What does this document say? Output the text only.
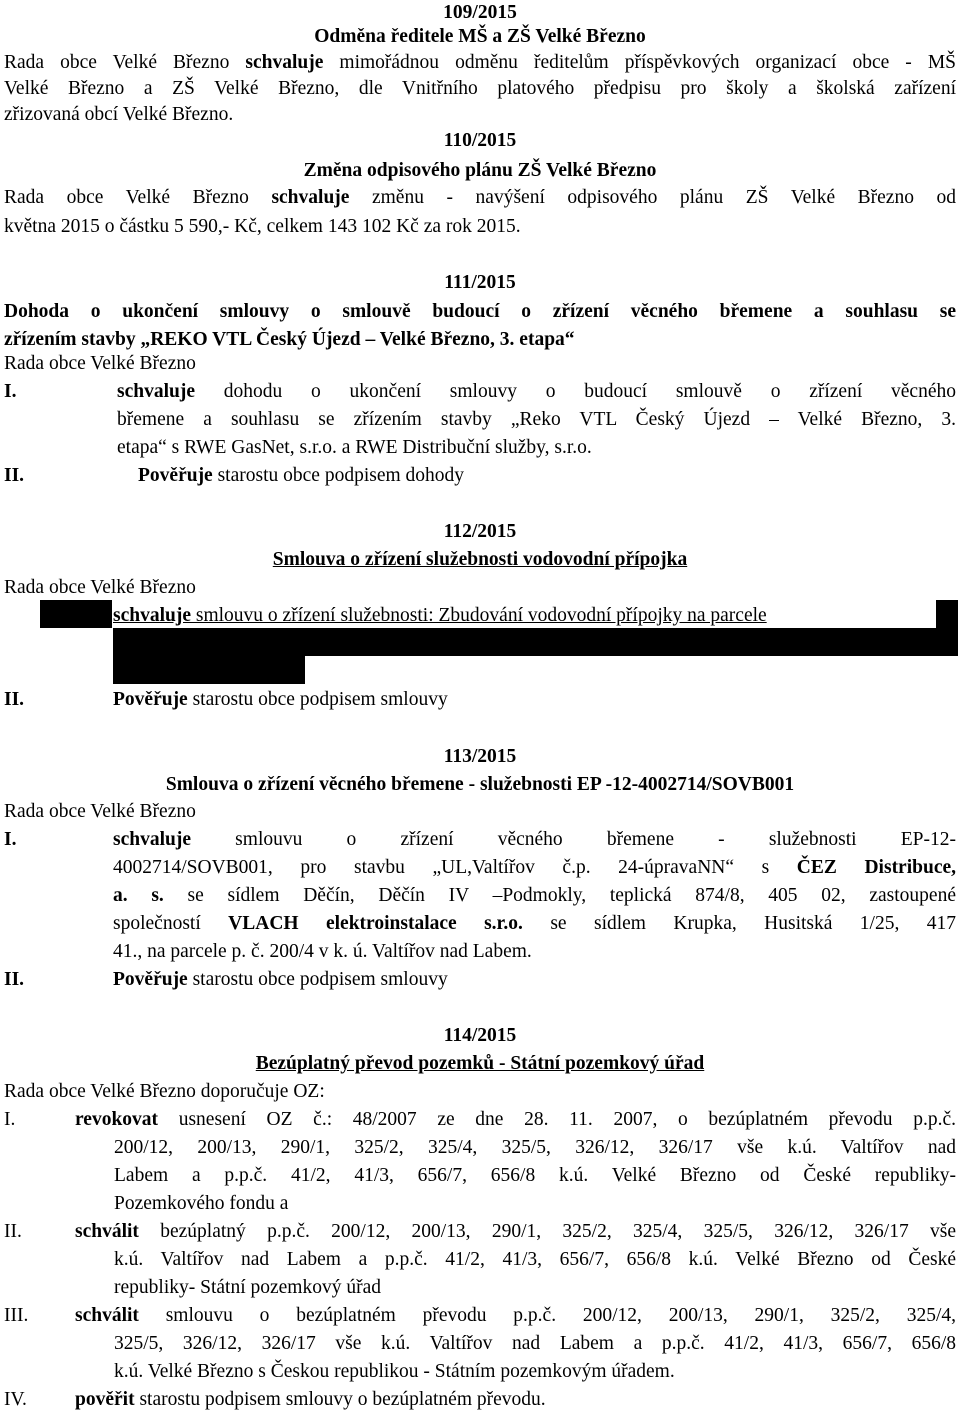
109/2015
Odměna ředitele MŠ a ZŠ Velké Březno
Rada obce Velké Březno schvaluje mimořádnou odměnu ředitelům příspěvkových organizací obce - MŠ
Velké Březno a ZŠ Velké Březno, dle Vnitřního platového předpisu pro školy a školská zařízení
zřizovaná obcí Velké Březno.
110/2015
Změna odpisového plánu ZŠ Velké Březno
Rada obce Velké Březno schvaluje změnu - navýšení odpisového plánu ZŠ Velké Březno od
května 2015 o částku 5 590,- Kč, celkem 143 102 Kč za rok 2015.
111/2015
Dohoda o ukončení smlouvy o smlouvě budoucí o zřízení věcného břemene a souhlasu se
zřízením stavby „REKO VTL Český Újezd – Velké Březno, 3. etapa“
Rada obce Velké Březno
I.	schvaluje dohodu o ukončení smlouvy o budoucí smlouvě o zřízení věcného
břemene a souhlasu se zřízením stavby „Reko VTL Český Újezd – Velké Březno, 3.
etapa“ s RWE GasNet, s.r.o. a RWE Distribuční služby, s.r.o.
II.	Pověřuje starostu obce podpisem dohody
112/2015
Smlouva o zřízení služebnosti vodovodní přípojka
Rada obce Velké Březno
schvaluje smlouvu o zřízení služebnosti: Zbudování vodovodní přípojky na parcele
II.	Pověřuje starostu obce podpisem smlouvy
113/2015
Smlouva o zřízení věcného břemene - služebnosti EP -12-4002714/SOVB001
Rada obce Velké Březno
I.	schvaluje smlouvu o zřízení věcného břemene - služebnosti EP-12-
4002714/SOVB001, pro stavbu „UL,Valtířov č.p. 24-úpravaNN“ s ČEZ Distribuce,
a. s. se sídlem Děčín, Děčín IV –Podmokly, teplická 874/8, 405 02, zastoupené
společností VLACH elektroinstalace s.r.o. se sídlem Krupka, Husitská 1/25, 417
41., na parcele p. č. 200/4 v k. ú. Valtířov nad Labem.
II.	Pověřuje starostu obce podpisem smlouvy
114/2015
Bezúplatný převod pozemků - Státní pozemkový úřad
Rada obce Velké Březno doporučuje OZ:
I.	revokovat usnesení OZ č.: 48/2007 ze dne 28. 11. 2007, o bezúplatném převodu p.p.č.
200/12, 200/13, 290/1, 325/2, 325/4, 325/5, 326/12, 326/17 vše k.ú. Valtířov nad
Labem a p.p.č. 41/2, 41/3, 656/7, 656/8 k.ú. Velké Březno od České republiky-
Pozemkového fondu a
II.	schválit bezúplatný p.p.č. 200/12, 200/13, 290/1, 325/2, 325/4, 325/5, 326/12, 326/17 vše
k.ú. Valtířov nad Labem a p.p.č. 41/2, 41/3, 656/7, 656/8 k.ú. Velké Březno od České
republiky- Státní pozemkový úřad
III.	schválit smlouvu o bezúplatném převodu p.p.č. 200/12, 200/13, 290/1, 325/2, 325/4,
325/5, 326/12, 326/17 vše k.ú. Valtířov nad Labem a p.p.č. 41/2, 41/3, 656/7, 656/8
k.ú. Velké Březno s Českou republikou - Státním pozemkovým úřadem.
IV.	pověřit starostu podpisem smlouvy o bezúplatném převodu.
